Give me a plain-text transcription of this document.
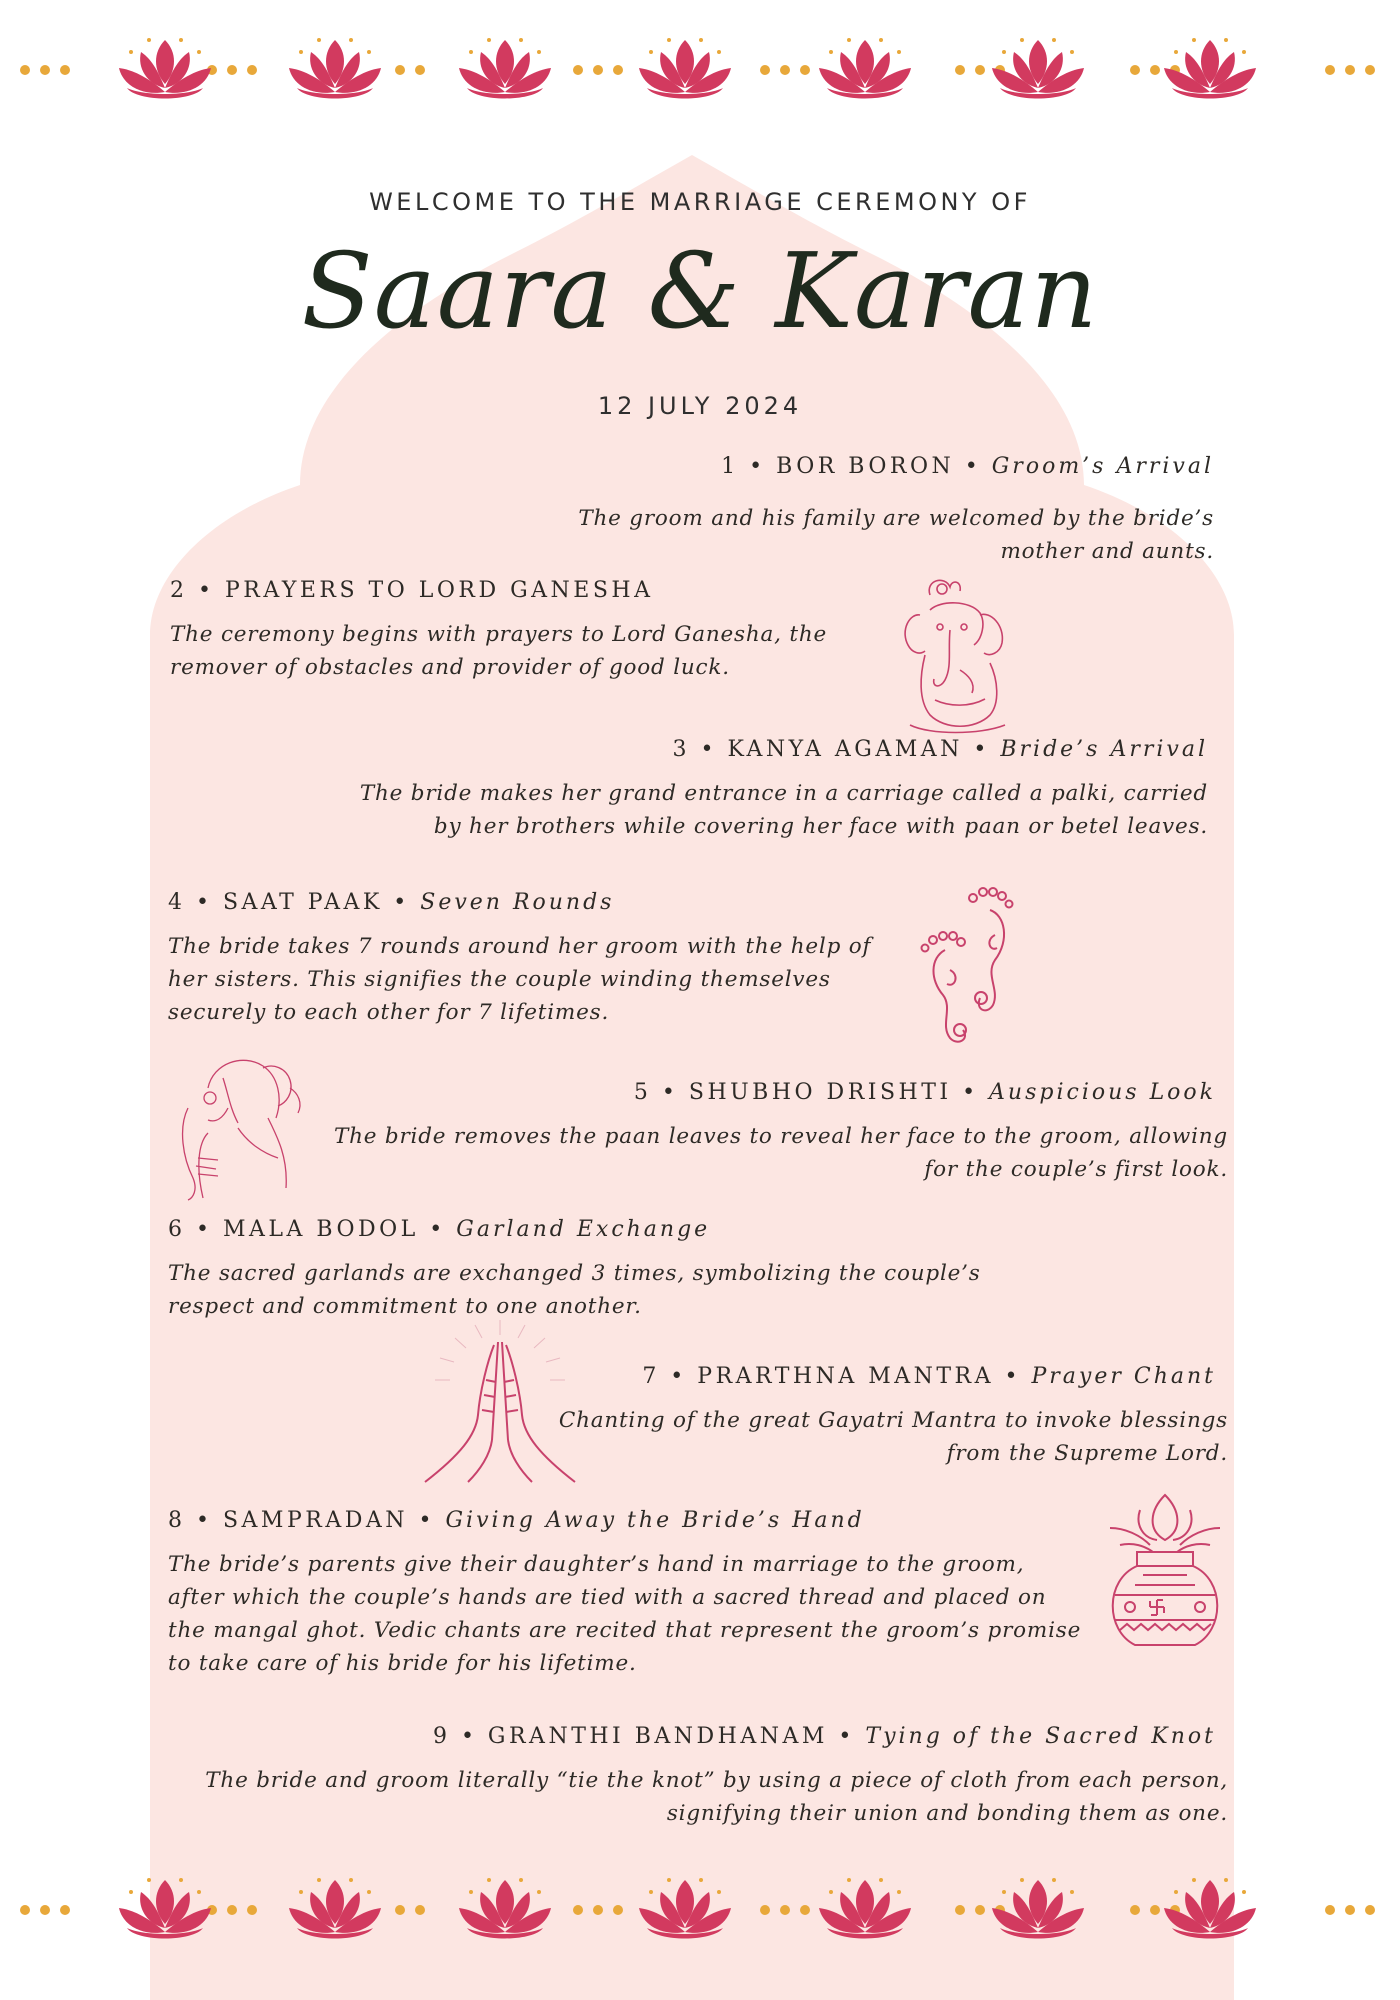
WELCOME TO THE MARRIAGE CEREMONY OF
Saara & Karan
12 JULY 2024
1 • BOR BORON • Groom’s Arrival
The groom and his family are welcomed by the bride’s mother and aunts.
2 • PRAYERS TO LORD GANESHA
The ceremony begins with prayers to Lord Ganesha, the remover of obstacles and provider of good luck.
3 • KANYA AGAMAN • Bride’s Arrival
The bride makes her grand entrance in a carriage called a palki, carried by her brothers while covering her face with paan or betel leaves.
4 • SAAT PAAK • Seven Rounds
The bride takes 7 rounds around her groom with the help of her sisters. This signifies the couple winding themselves securely to each other for 7 lifetimes.
5 • SHUBHO DRISHTI • Auspicious Look
The bride removes the paan leaves to reveal her face to the groom, allowing for the couple’s first look.
6 • MALA BODOL • Garland Exchange
The sacred garlands are exchanged 3 times, symbolizing the couple’s respect and commitment to one another.
7 • PRARTHNA MANTRA • Prayer Chant
Chanting of the great Gayatri Mantra to invoke blessings from the Supreme Lord.
8 • SAMPRADAN • Giving Away the Bride’s Hand
The bride’s parents give their daughter’s hand in marriage to the groom, after which the couple’s hands are tied with a sacred thread and placed on the mangal ghot. Vedic chants are recited that represent the groom’s promise to take care of his bride for his lifetime.
9 • GRANTHI BANDHANAM • Tying of the Sacred Knot
The bride and groom literally “tie the knot” by using a piece of cloth from each person, signifying their union and bonding them as one.
